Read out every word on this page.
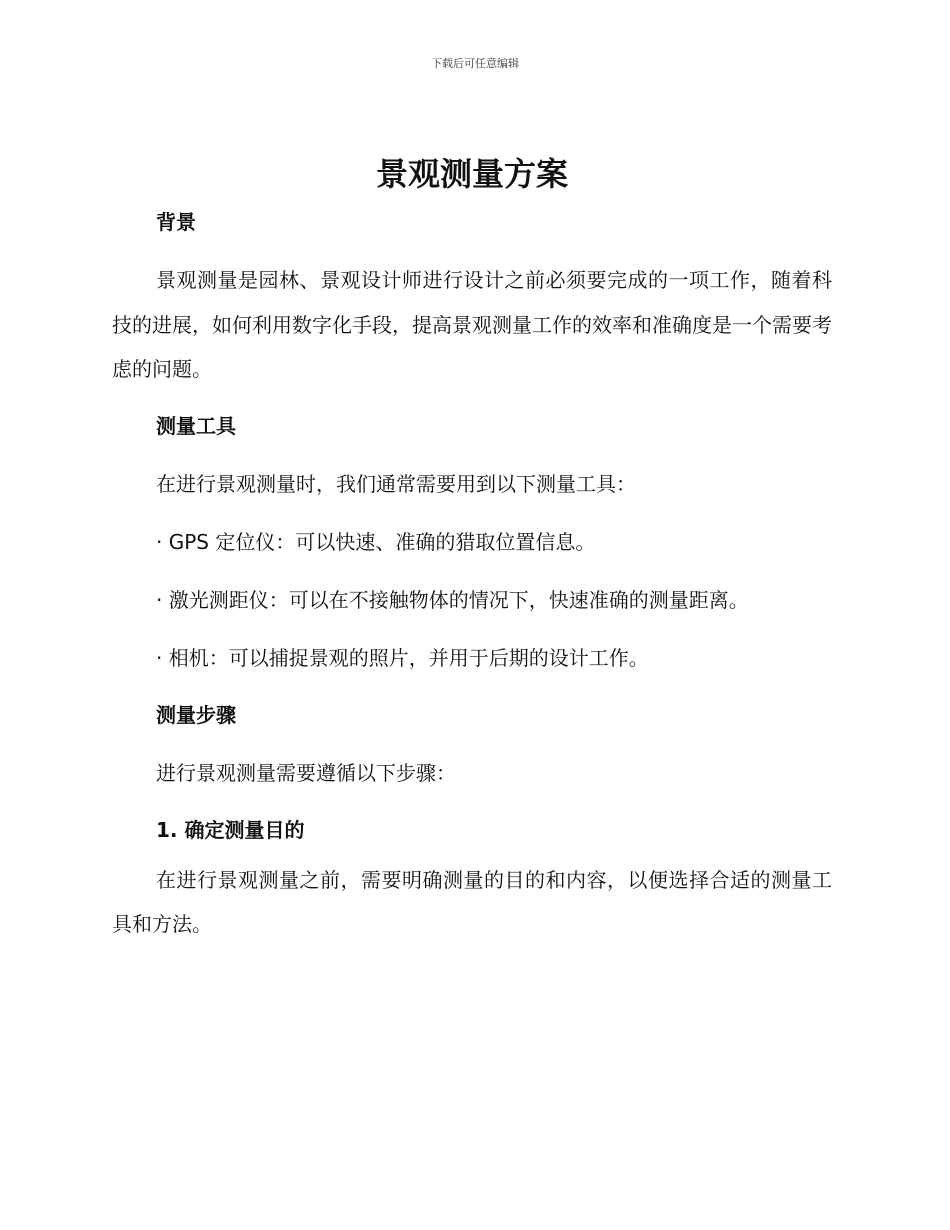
下载后可任意编辑
景观测量方案
背景

景观测量是园林、景观设计师进行设计之前必须要完成的一项工作，随着科技的进展，如何利用数字化手段，提高景观测量工作的效率和准确度是一个需要考虑的问题。

测量工具
在进行景观测量时，我们通常需要用到以下测量工具：
· GPS 定位仪：可以快速、准确的猎取位置信息。
· 激光测距仪：可以在不接触物体的情况下，快速准确的测量距离。
· 相机：可以捕捉景观的照片，并用于后期的设计工作。
测量步骤
进行景观测量需要遵循以下步骤：
1. 确定测量目的

在进行景观测量之前，需要明确测量的目的和内容，以便选择合适的测量工具和方法。
